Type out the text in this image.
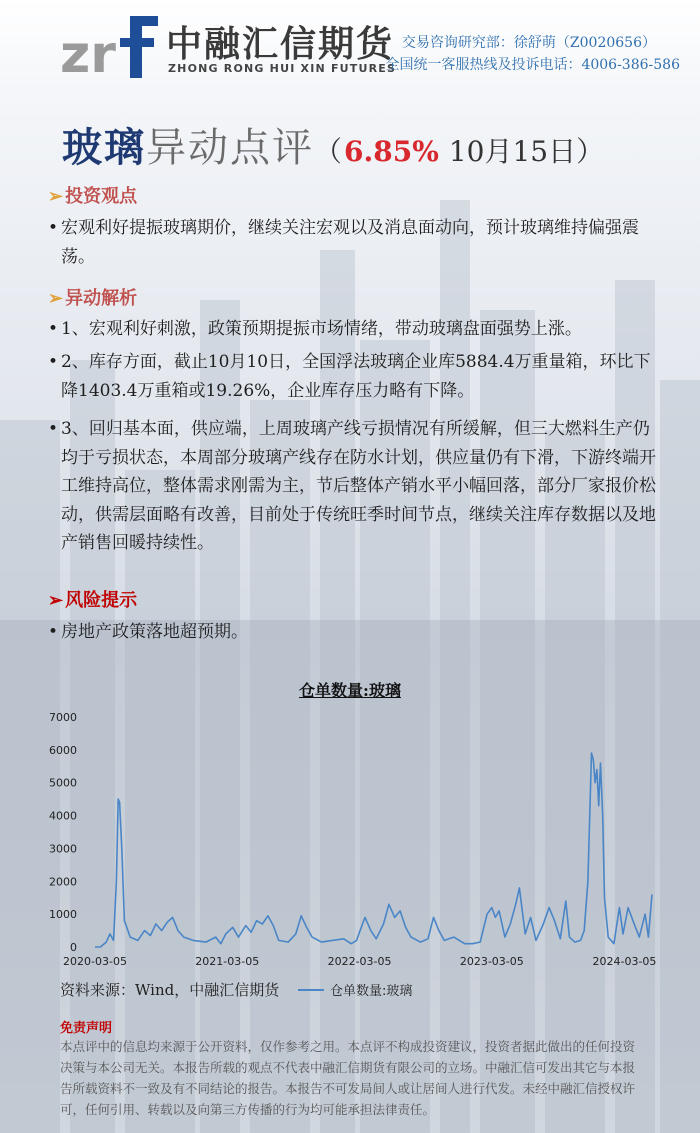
zr 中融汇信期货
ZHONG RONG HUI XIN FUTURES
交易咨询研究部：徐舒萌（Z0020656）
全国统一客服热线及投诉电话：4006-386-586
玻璃异动点评（6.85% 10月15日）
➢ 投资观点
• 宏观利好提振玻璃期价，继续关注宏观以及消息面动向，预计玻璃维持偏强震荡。
➢ 异动解析
• 1、宏观利好刺激，政策预期提振市场情绪，带动玻璃盘面强势上涨。
• 2、库存方面，截止10月10日，全国浮法玻璃企业库5884.4万重量箱，环比下降1403.4万重箱或19.26%，企业库存压力略有下降。
• 3、回归基本面，供应端，上周玻璃产线亏损情况有所缓解，但三大燃料生产仍均于亏损状态，本周部分玻璃产线存在防水计划，供应量仍有下滑，下游终端开工维持高位，整体需求刚需为主，节后整体产销水平小幅回落，部分厂家报价松动，供需层面略有改善，目前处于传统旺季时间节点，继续关注库存数据以及地产销售回暖持续性。
➢ 风险提示
• 房地产政策落地超预期。
仓单数量:玻璃
0
1000
2000
3000
4000
5000
6000
7000
2020-03-05	2021-03-05	2022-03-05	2023-03-05	2024-03-05
资料来源：Wind，中融汇信期货	仓单数量:玻璃
免责声明
本点评中的信息均来源于公开资料，仅作参考之用。本点评不构成投资建议，投资者据此做出的任何投资决策与本公司无关。本报告所载的观点不代表中融汇信期货有限公司的立场。中融汇信可发出其它与本报告所载资料不一致及有不同结论的报告。本报告不可发局间人或让居间人进行代发。未经中融汇信授权许可，任何引用、转载以及向第三方传播的行为均可能承担法律责任。
